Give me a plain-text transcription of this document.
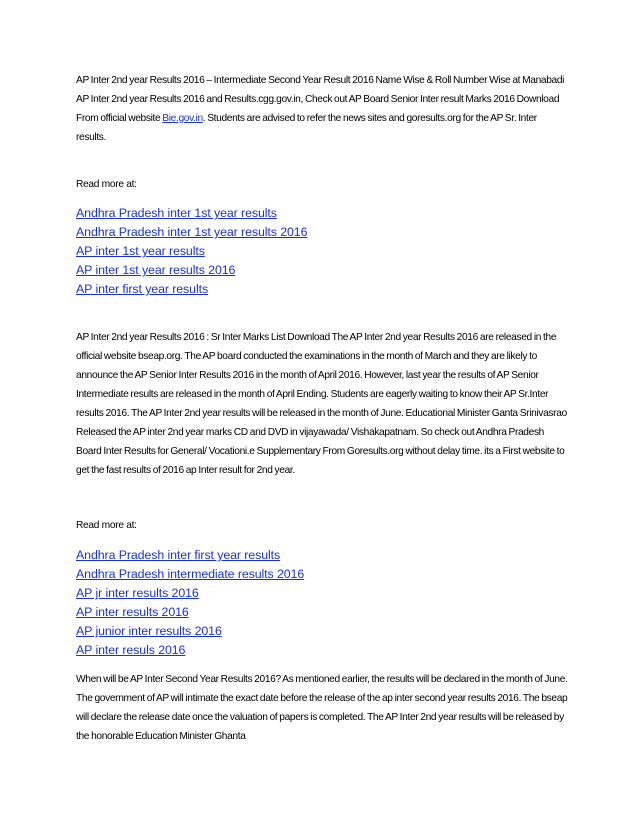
AP Inter 2nd year Results 2016 – Intermediate Second Year Result 2016 Name Wise & Roll Number Wise at Manabadi AP Inter 2nd year Results 2016 and Results.cgg.gov.in, Check out AP Board Senior Inter result Marks 2016 Download From official website Bie.gov.in. Students are advised to refer the news sites and goresults.org for the AP Sr. Inter results.

Read more at:

Andhra Pradesh inter 1st year results
Andhra Pradesh inter 1st year results 2016
AP inter 1st year results
AP inter 1st year results 2016
AP inter first year results

AP Inter 2nd year Results 2016 : Sr Inter Marks List Download The AP Inter 2nd year Results 2016 are released in the official website bseap.org. The AP board conducted the examinations in the month of March and they are likely to announce the AP Senior Inter Results 2016 in the month of April 2016. However, last year the results of AP Senior Intermediate results are released in the month of April Ending. Students are eagerly waiting to know their AP Sr.Inter results 2016. The AP Inter 2nd year results will be released in the month of June. Educational Minister Ganta Srinivasrao Released the AP inter 2nd year marks CD and DVD in vijayawada/ Vishakapatnam. So check out Andhra Pradesh Board Inter Results for General/ Vocationi.e Supplementary From Goresults.org without delay time. its a First website to get the fast results of 2016 ap Inter result for 2nd year.

Read more at:

Andhra Pradesh inter first year results
Andhra Pradesh intermediate results 2016
AP jr inter results 2016
AP inter results 2016
AP junior inter results 2016
AP inter resuls 2016

When will be AP Inter Second Year Results 2016? As mentioned earlier, the results will be declared in the month of June. The government of AP will intimate the exact date before the release of the ap inter second year results 2016. The bseap will declare the release date once the valuation of papers is completed. The AP Inter 2nd year results will be released by the honorable Education Minister Ghanta
